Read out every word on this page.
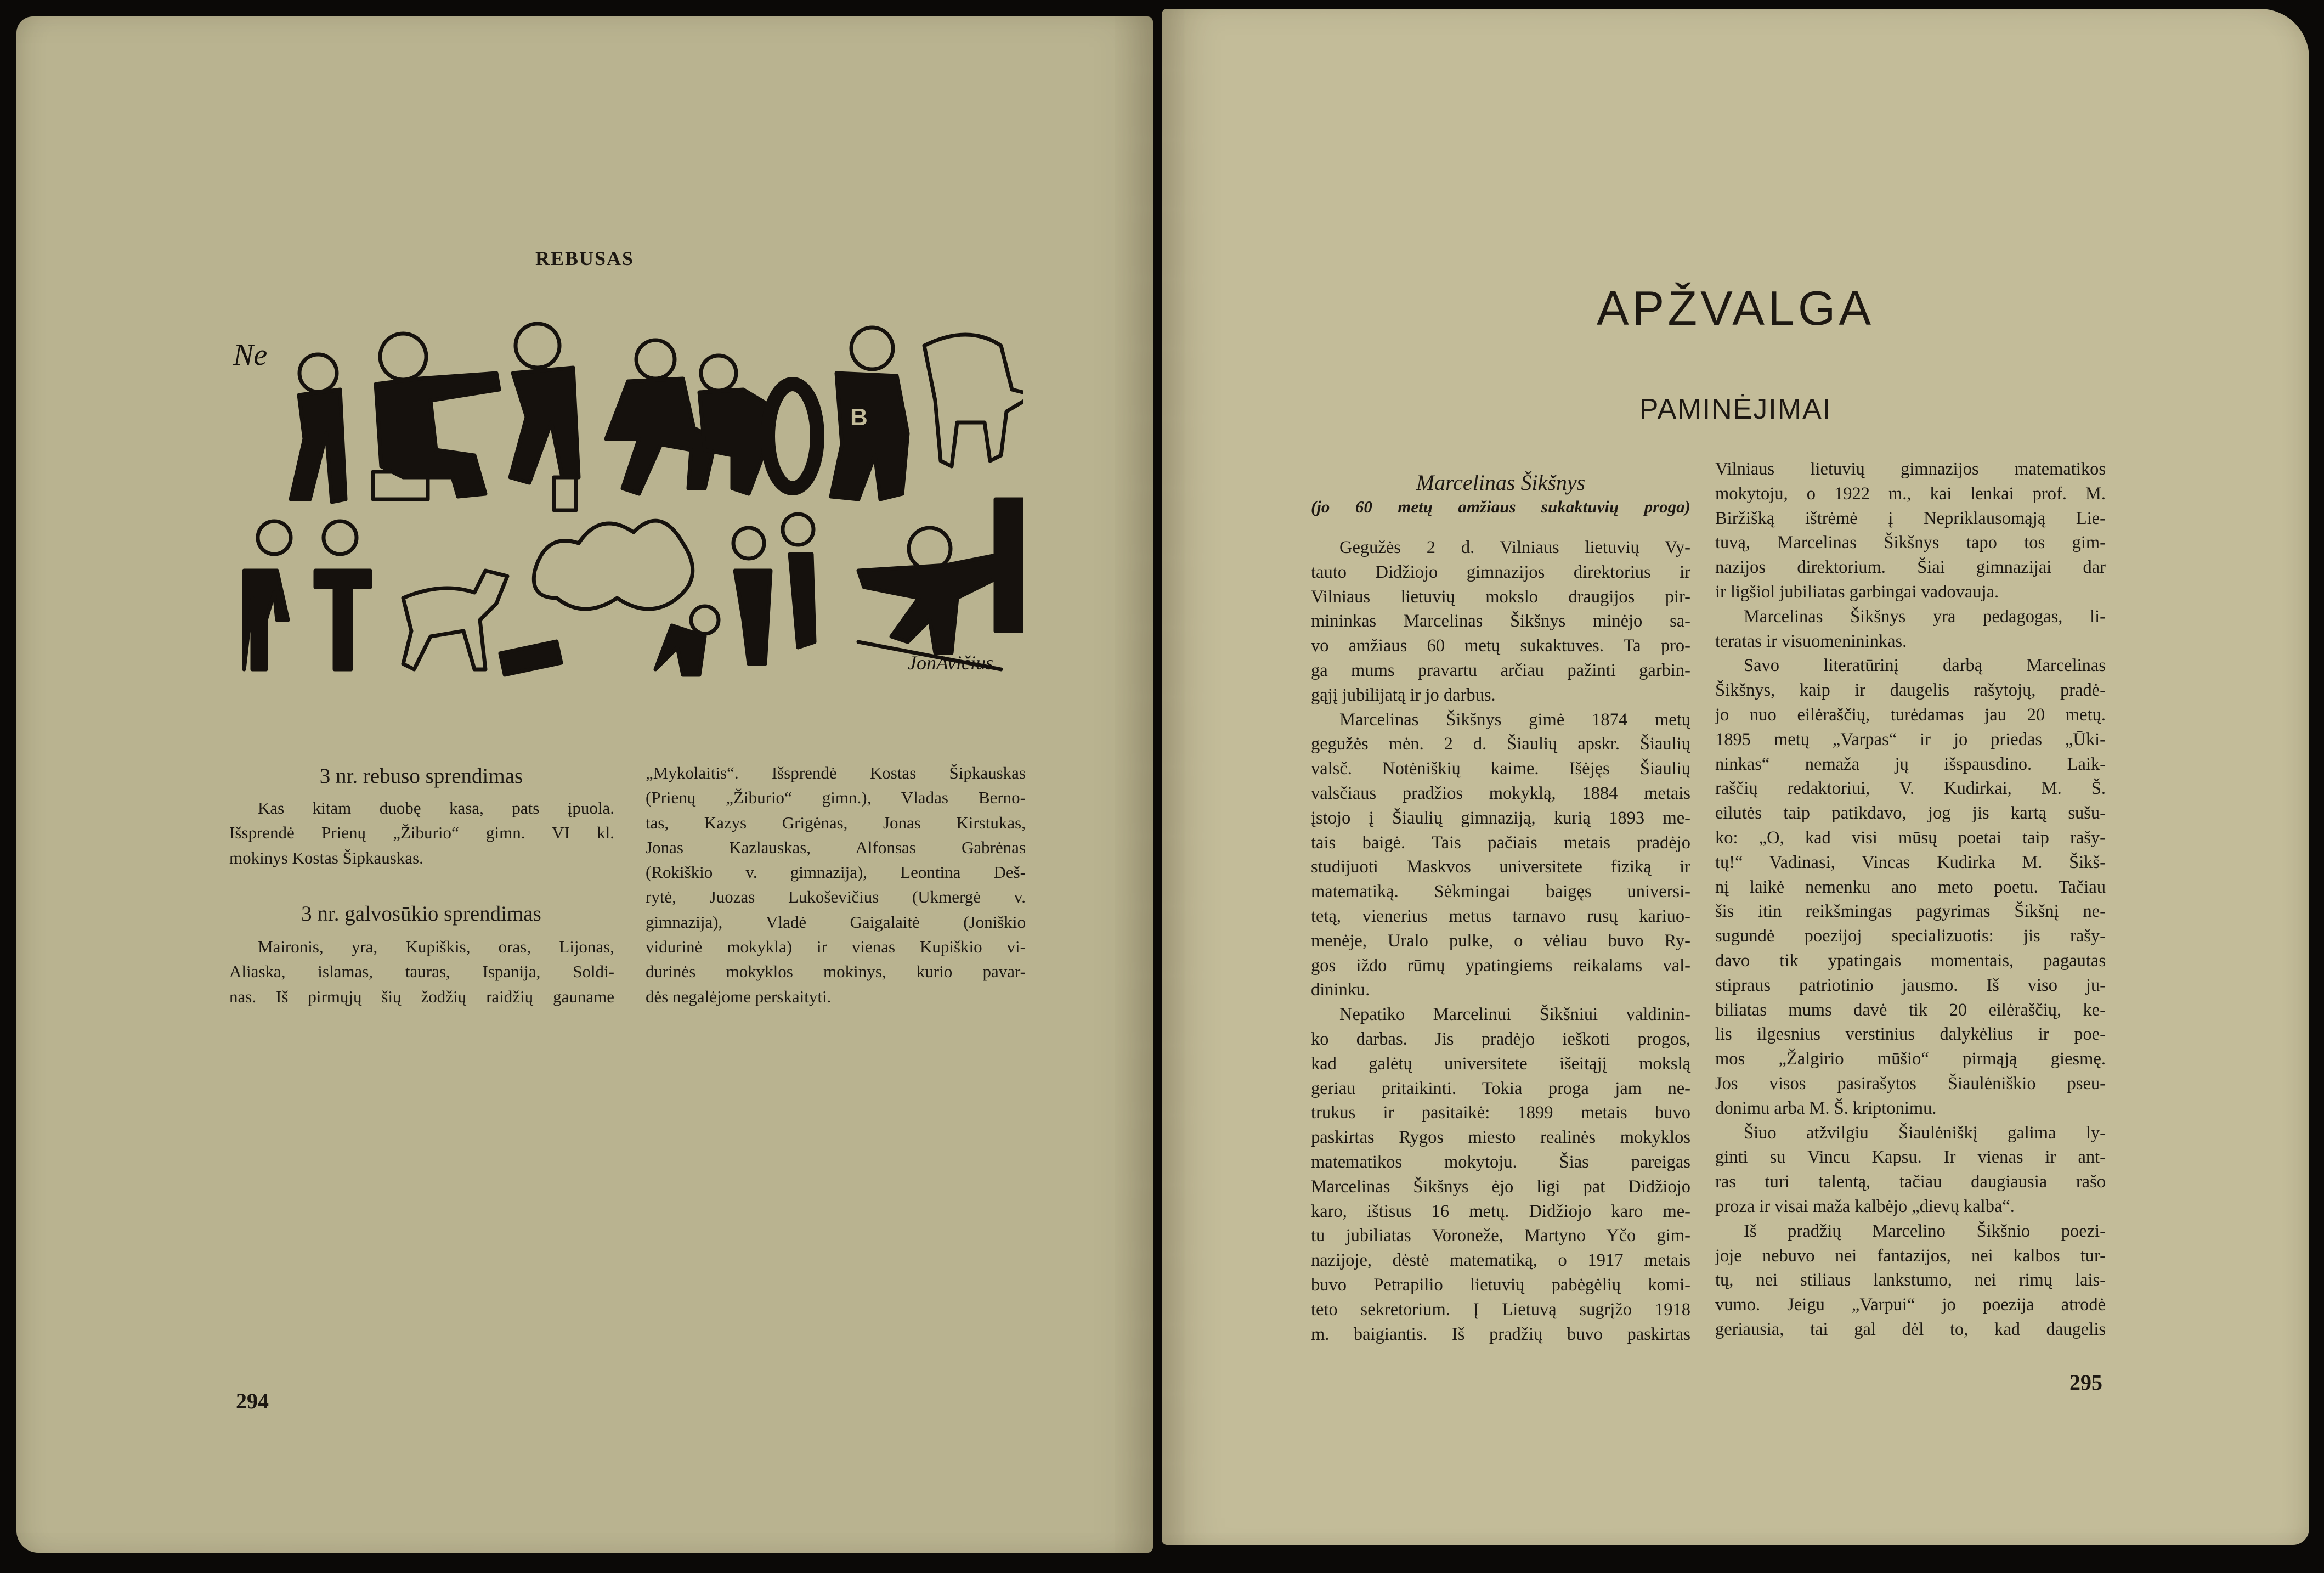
REBUSAS
Ne
B
JonAvičius
3 nr. rebuso sprendimas
Kas kitam duobę kasa, pats įpuola.
Išsprendė Prienų „Žiburio“ gimn. VI kl.
mokinys Kostas Šipkauskas.
3 nr. galvosūkio sprendimas
Maironis, yra, Kupiškis, oras, Lijonas,
Aliaska, islamas, tauras, Ispanija, Soldi-
nas. Iš pirmųjų šių žodžių raidžių gauname
„Mykolaitis“. Išsprendė Kostas Šipkauskas
(Prienų „Žiburio“ gimn.), Vladas Berno-
tas, Kazys Grigėnas, Jonas Kirstukas,
Jonas Kazlauskas, Alfonsas Gabrėnas
(Rokiškio v. gimnazija), Leontina Deš-
rytė, Juozas Lukoševičius (Ukmergė v.
gimnazija), Vladė Gaigalaitė (Joniškio
vidurinė mokykla) ir vienas Kupiškio vi-
durinės mokyklos mokinys, kurio pavar-
dės negalėjome perskaityti.
294
APŽVALGA
PAMINĖJIMAI
Marcelinas Šikšnys
(jo 60 metų amžiaus sukaktuvių proga)
Gegužės 2 d. Vilniaus lietuvių Vy-
tauto Didžiojo gimnazijos direktorius ir
Vilniaus lietuvių mokslo draugijos pir-
mininkas Marcelinas Šikšnys minėjo sa-
vo amžiaus 60 metų sukaktuves. Ta pro-
ga mums pravartu arčiau pažinti garbin-
gąjį jubilijatą ir jo darbus.
Marcelinas Šikšnys gimė 1874 metų
gegužės mėn. 2 d. Šiaulių apskr. Šiaulių
valsč. Notėniškių kaime. Išėjęs Šiaulių
valsčiaus pradžios mokyklą, 1884 metais
įstojo į Šiaulių gimnaziją, kurią 1893 me-
tais baigė. Tais pačiais metais pradėjo
studijuoti Maskvos universitete fiziką ir
matematiką. Sėkmingai baigęs universi-
tetą, vienerius metus tarnavo rusų kariuo-
menėje, Uralo pulke, o vėliau buvo Ry-
gos iždo rūmų ypatingiems reikalams val-
dininku.
Nepatiko Marcelinui Šikšniui valdinin-
ko darbas. Jis pradėjo ieškoti progos,
kad galėtų universitete išeitąjį mokslą
geriau pritaikinti. Tokia proga jam ne-
trukus ir pasitaikė: 1899 metais buvo
paskirtas Rygos miesto realinės mokyklos
matematikos mokytoju. Šias pareigas
Marcelinas Šikšnys ėjo ligi pat Didžiojo
karo, ištisus 16 metų. Didžiojo karo me-
tu jubiliatas Voroneže, Martyno Yčo gim-
nazijoje, dėstė matematiką, o 1917 metais
buvo Petrapilio lietuvių pabėgėlių komi-
teto sekretorium. Į Lietuvą sugrįžo 1918
m. baigiantis. Iš pradžių buvo paskirtas
Vilniaus lietuvių gimnazijos matematikos
mokytoju, o 1922 m., kai lenkai prof. M.
Biržišką ištrėmė į Nepriklausomąją Lie-
tuvą, Marcelinas Šikšnys tapo tos gim-
nazijos direktorium. Šiai gimnazijai dar
ir ligšiol jubiliatas garbingai vadovauja.
Marcelinas Šikšnys yra pedagogas, li-
teratas ir visuomenininkas.
Savo literatūrinį darbą Marcelinas
Šikšnys, kaip ir daugelis rašytojų, pradė-
jo nuo eilėraščių, turėdamas jau 20 metų.
1895 metų „Varpas“ ir jo priedas „Ūki-
ninkas“ nemaža jų išspausdino. Laik-
raščių redaktoriui, V. Kudirkai, M. Š.
eilutės taip patikdavo, jog jis kartą sušu-
ko: „O, kad visi mūsų poetai taip rašy-
tų!“ Vadinasi, Vincas Kudirka M. Šikš-
nį laikė nemenku ano meto poetu. Tačiau
šis itin reikšmingas pagyrimas Šikšnį ne-
sugundė poezijoj specializuotis: jis rašy-
davo tik ypatingais momentais, pagautas
stipraus patriotinio jausmo. Iš viso ju-
biliatas mums davė tik 20 eilėraščių, ke-
lis ilgesnius verstinius dalykėlius ir poe-
mos „Žalgirio mūšio“ pirmąją giesmę.
Jos visos pasirašytos Šiaulėniškio pseu-
donimu arba M. Š. kriptonimu.
Šiuo atžvilgiu Šiaulėniškį galima ly-
ginti su Vincu Kapsu. Ir vienas ir ant-
ras turi talentą, tačiau daugiausia rašo
proza ir visai maža kalbėjo „dievų kalba“.
Iš pradžių Marcelino Šikšnio poezi-
joje nebuvo nei fantazijos, nei kalbos tur-
tų, nei stiliaus lankstumo, nei rimų lais-
vumo. Jeigu „Varpui“ jo poezija atrodė
geriausia, tai gal dėl to, kad daugelis
295
